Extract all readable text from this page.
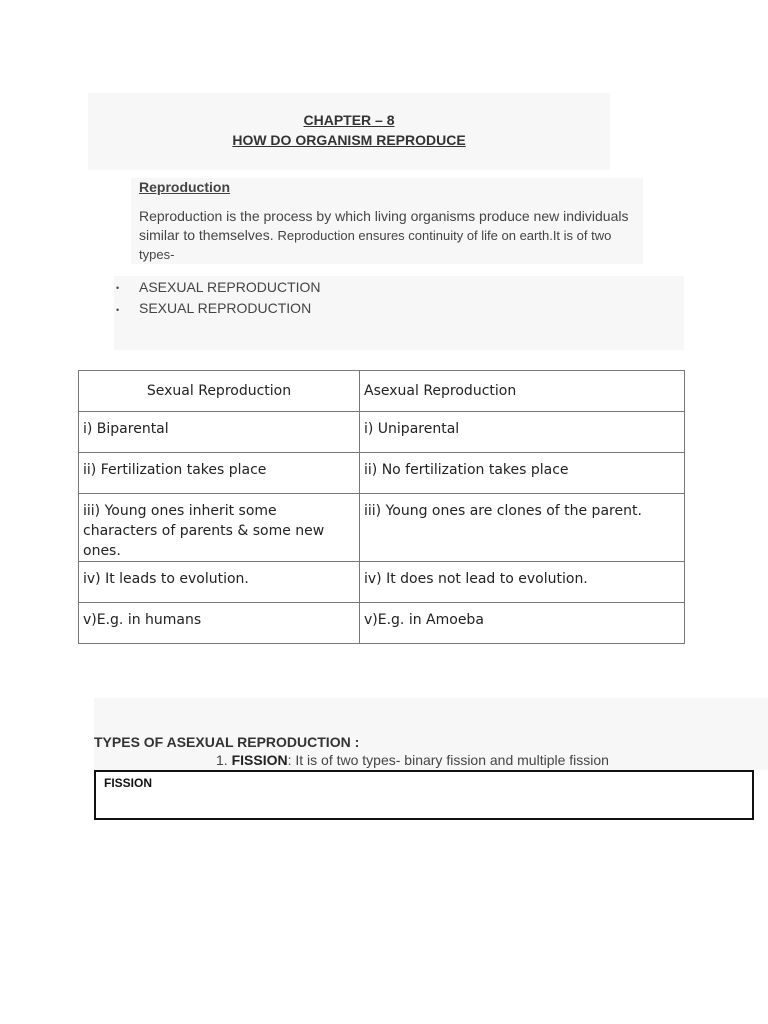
CHAPTER – 8
HOW DO ORGANISM REPRODUCE
Reproduction

Reproduction is the process by which living organisms produce new individuals similar to themselves. Reproduction ensures continuity of life on earth.It is of two types-

• ASEXUAL REPRODUCTION
• SEXUAL REPRODUCTION
Sexual Reproduction	Asexual Reproduction
i) Biparental	i) Uniparental
ii) Fertilization takes place	ii) No fertilization takes place
iii) Young ones inherit some characters of parents & some new ones.	iii) Young ones are clones of the parent.
iv) It leads to evolution.	iv) It does not lead to evolution.
v)E.g. in humans	v)E.g. in Amoeba
TYPES OF ASEXUAL REPRODUCTION :
1. FISSION: It is of two types- binary fission and multiple fission
FISSION
